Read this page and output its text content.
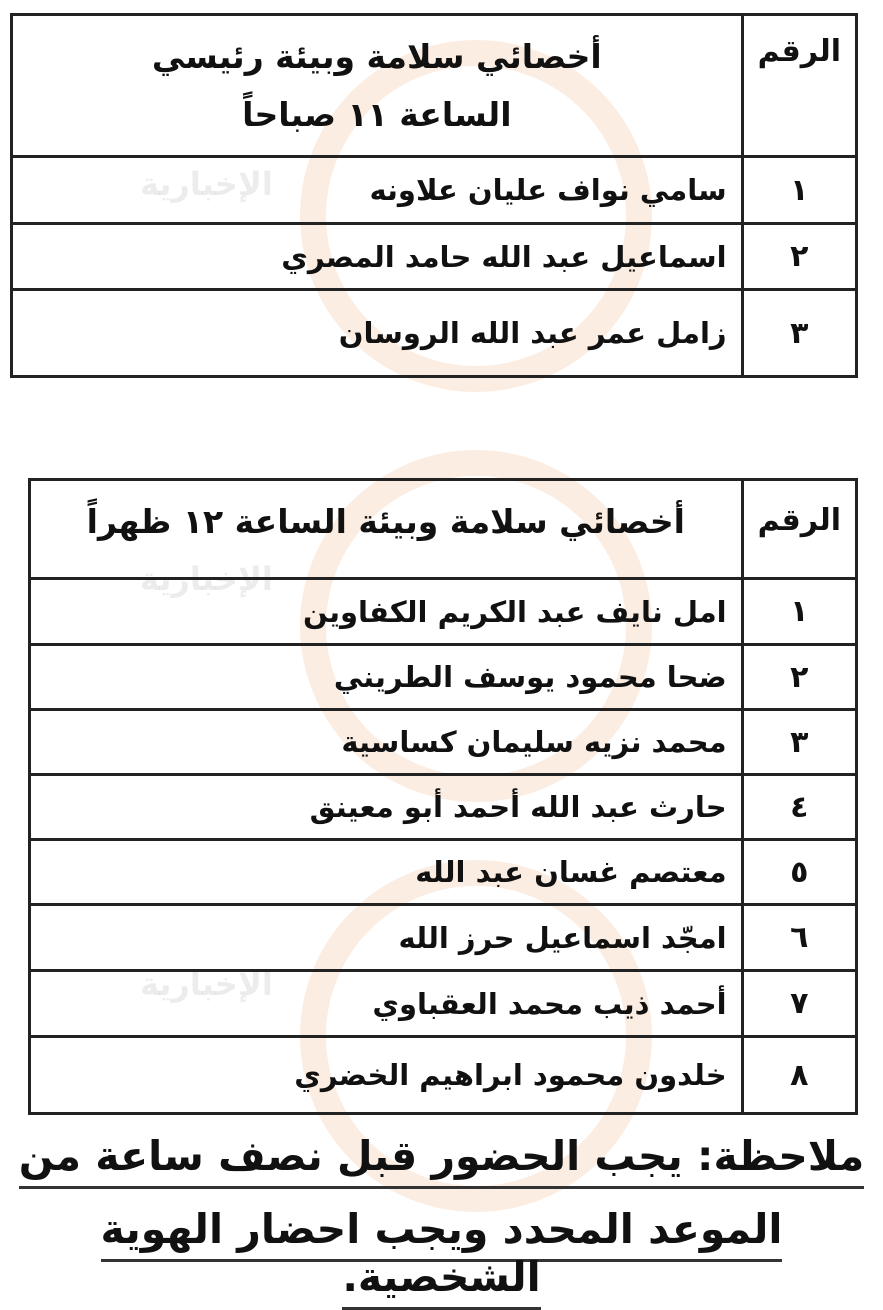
الإخبارية
الإخبارية
الإخبارية
الرقم	أخصائي سلامة وبيئة رئيسي
الساعة ١١ صباحاً

١	سامي نواف عليان علاونه
٢	اسماعيل عبد الله حامد المصري
٣	زامل عمر عبد الله الروسان
الرقم	أخصائي سلامة وبيئة الساعة ١٢ ظهراً
١	امل نايف عبد الكريم الكفاوين
٢	ضحا محمود يوسف الطريني
٣	محمد نزيه سليمان كساسية
٤	حارث عبد الله أحمد أبو معينق
٥	معتصم غسان عبد الله
٦	امجّد اسماعيل حرز الله
٧	أحمد ذيب محمد العقباوي
٨	خلدون محمود ابراهيم الخضري
ملاحظة: يجب الحضور قبل نصف ساعة من
الموعد المحدد ويجب احضار الهوية الشخصية.
